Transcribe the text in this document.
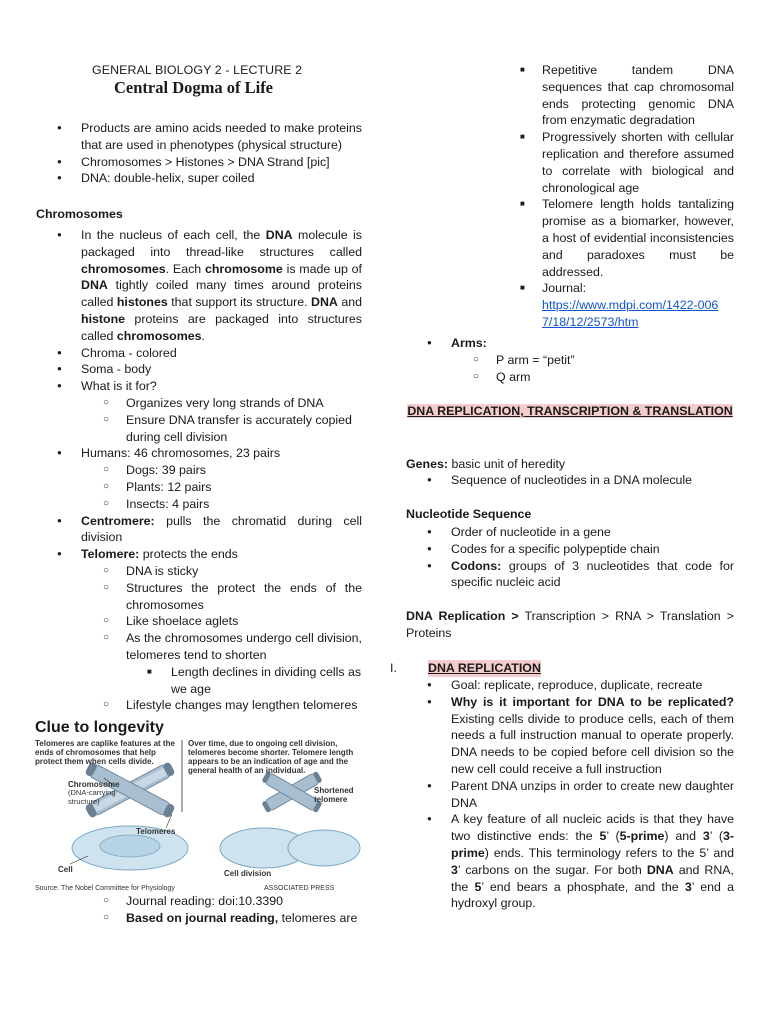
GENERAL BIOLOGY 2 - LECTURE 2
Central Dogma of Life
● Products are amino acids needed to make proteins that are used in phenotypes (physical structure)
● Chromosomes > Histones > DNA Strand [pic]
● DNA: double-helix, super coiled
Chromosomes
● In the nucleus of each cell, the DNA molecule is packaged into thread-like structures called chromosomes. Each chromosome is made up of DNA tightly coiled many times around proteins called histones that support its structure. DNA and histone proteins are packaged into structures called chromosomes.
● Chroma - colored
● Soma - body
● What is it for?
○ Organizes very long strands of DNA
○ Ensure DNA transfer is accurately copied during cell division
● Humans: 46 chromosomes, 23 pairs
○ Dogs: 39 pairs
○ Plants: 12 pairs
○ Insects: 4 pairs
● Centromere: pulls the chromatid during cell division
● Telomere: protects the ends
○ DNA is sticky
○ Structures the protect the ends of the chromosomes
○ Like shoelace aglets
○ As the chromosomes undergo cell division, telomeres tend to shorten
■ Length declines in dividing cells as we age
○ Lifestyle changes may lengthen telomeres
○ Journal reading: doi:10.3390
○ Based on journal reading, telomeres are
Clue to longevity
Telomeres are caplike features at the ends of chromosomes that help protect them when cells divide.
Over time, due to ongoing cell division, telomeres become shorter. Telomere length appears to be an indication of age and the general health of an individual.
Chromosome
(DNA-carrying structure)
Telomeres
Shortened telomere
Cell	Cell division
Source: The Nobel Committee for Physiology	ASSOCIATED PRESS
■ Repetitive tandem DNA sequences that cap chromosomal ends protecting genomic DNA from enzymatic degradation
■ Progressively shorten with cellular replication and therefore assumed to correlate with biological and chronological age
■ Telomere length holds tantalizing promise as a biomarker, however, a host of evidential inconsistencies and paradoxes must be addressed.
■ Journal:
https://www.mdpi.com/1422-0067/18/12/2573/htm
● Arms:
○ P arm = “petit”
○ Q arm
DNA REPLICATION, TRANSCRIPTION & TRANSLATION
Genes: basic unit of heredity
● Sequence of nucleotides in a DNA molecule
Nucleotide Sequence
● Order of nucleotide in a gene
● Codes for a specific polypeptide chain
● Codons: groups of 3 nucleotides that code for specific nucleic acid
DNA Replication > Transcription > RNA > Translation > Proteins
I.	DNA REPLICATION
● Goal: replicate, reproduce, duplicate, recreate
● Why is it important for DNA to be replicated? Existing cells divide to produce cells, each of them needs a full instruction manual to operate properly. DNA needs to be copied before cell division so the new cell could receive a full instruction
● Parent DNA unzips in order to create new daughter DNA
● A key feature of all nucleic acids is that they have two distinctive ends: the 5’ (5-prime) and 3’ (3-prime) ends. This terminology refers to the 5’ and 3’ carbons on the sugar. For both DNA and RNA, the 5’ end bears a phosphate, and the 3’ end a hydroxyl group.
